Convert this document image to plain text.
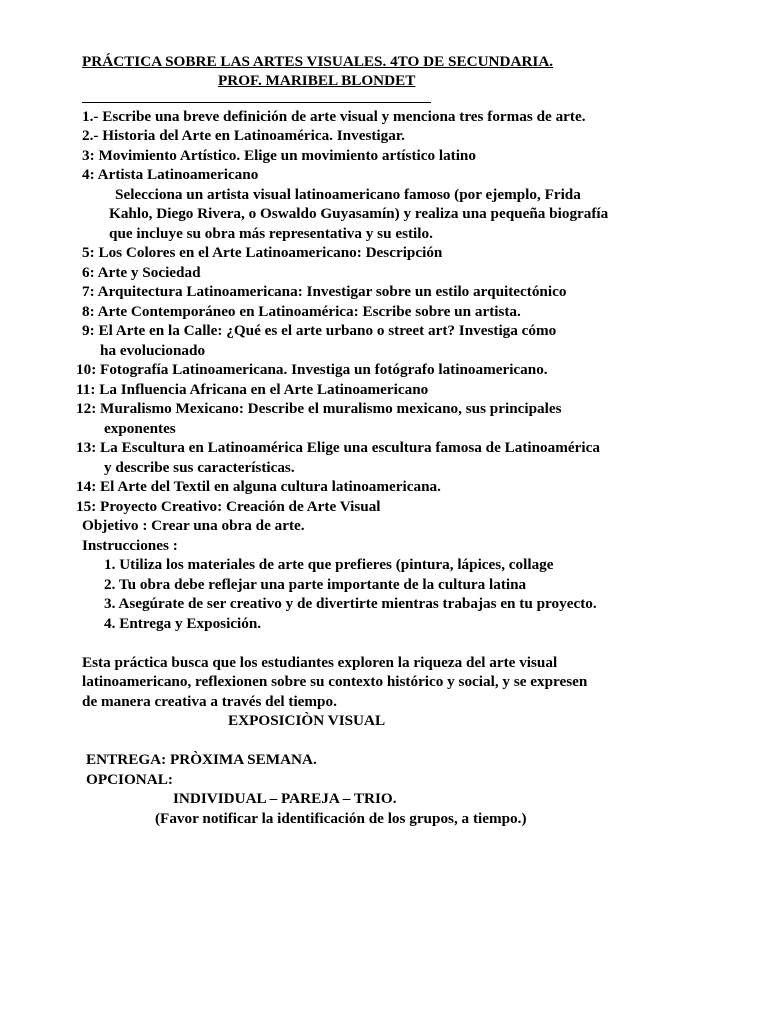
PRÁCTICA SOBRE LAS ARTES VISUALES. 4TO DE SECUNDARIA.
PROF. MARIBEL BLONDET
1.- Escribe una breve definición de arte visual y menciona tres formas de arte.
2.- Historia del Arte en Latinoamérica. Investigar.
3: Movimiento Artístico. Elige un movimiento artístico latino
4: Artista Latinoamericano
Selecciona un artista visual latinoamericano famoso (por ejemplo, Frida
Kahlo, Diego Rivera, o Oswaldo Guyasamín) y realiza una pequeña biografía
que incluye su obra más representativa y su estilo.
5: Los Colores en el Arte Latinoamericano: Descripción
6: Arte y Sociedad
7: Arquitectura Latinoamericana: Investigar sobre un estilo arquitectónico
8: Arte Contemporáneo en Latinoamérica: Escribe sobre un artista.
9: El Arte en la Calle: ¿Qué es el arte urbano o street art? Investiga cómo
ha evolucionado
10: Fotografía Latinoamericana. Investiga un fotógrafo latinoamericano.
11: La Influencia Africana en el Arte Latinoamericano
12: Muralismo Mexicano: Describe el muralismo mexicano, sus principales
exponentes
13: La Escultura en Latinoamérica Elige una escultura famosa de Latinoamérica
y describe sus características.
14: El Arte del Textil en alguna cultura latinoamericana.
15: Proyecto Creativo: Creación de Arte Visual
Objetivo : Crear una obra de arte.
Instrucciones :
1. Utiliza los materiales de arte que prefieres (pintura, lápices, collage
2. Tu obra debe reflejar una parte importante de la cultura latina
3. Asegúrate de ser creativo y de divertirte mientras trabajas en tu proyecto.
4. Entrega y Exposición.
Esta práctica busca que los estudiantes exploren la riqueza del arte visual
latinoamericano, reflexionen sobre su contexto histórico y social, y se expresen
de manera creativa a través del tiempo.
EXPOSICIÒN VISUAL
ENTREGA: PRÒXIMA SEMANA.
OPCIONAL:
INDIVIDUAL – PAREJA – TRIO.
(Favor notificar la identificación de los grupos, a tiempo.)
